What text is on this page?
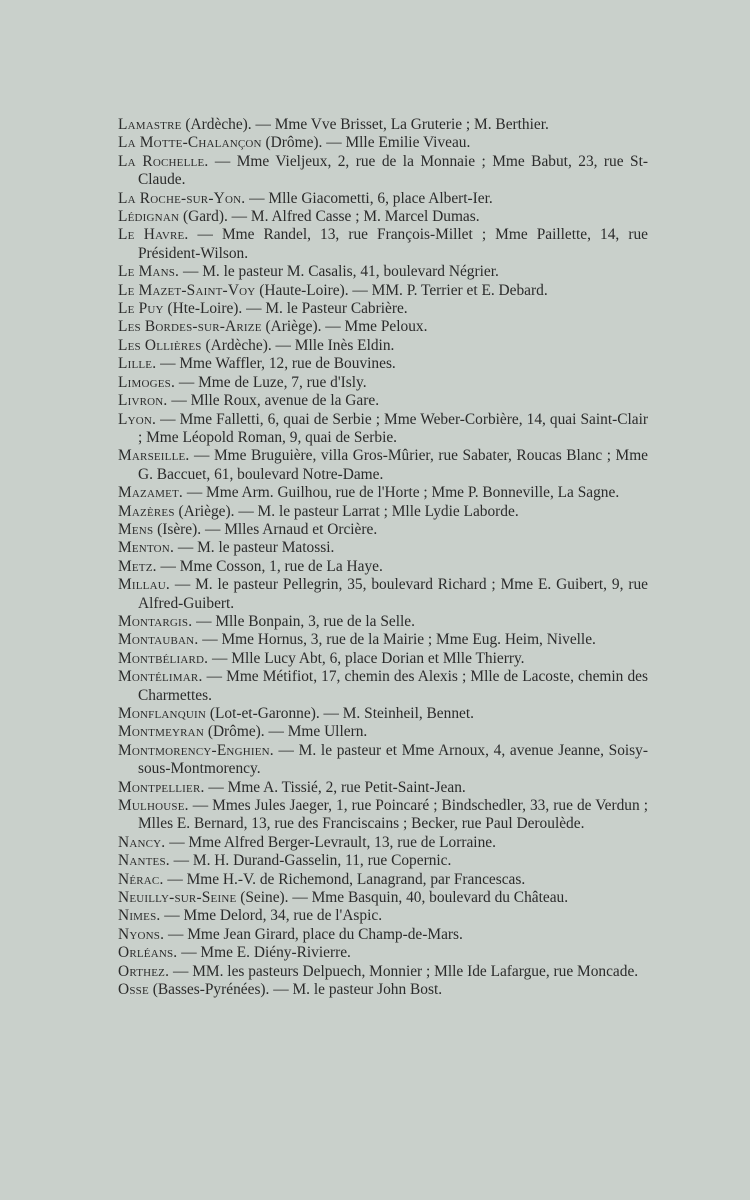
Lamastre (Ardèche). — Mme Vve Brisset, La Gruterie ; M. Berthier.

La Motte-Chalançon (Drôme). — Mlle Emilie Viveau.

La Rochelle. — Mme Vieljeux, 2, rue de la Monnaie ; Mme Babut, 23, rue St-Claude.

La Roche-sur-Yon. — Mlle Giacometti, 6, place Albert-Ier.

Lédignan (Gard). — M. Alfred Casse ; M. Marcel Dumas.

Le Havre. — Mme Randel, 13, rue François-Millet ; Mme Paillette, 14, rue Président-Wilson.

Le Mans. — M. le pasteur M. Casalis, 41, boulevard Négrier.

Le Mazet-Saint-Voy (Haute-Loire). — MM. P. Terrier et E. Debard.

Le Puy (Hte-Loire). — M. le Pasteur Cabrière.

Les Bordes-sur-Arize (Ariège). — Mme Peloux.

Les Ollières (Ardèche). — Mlle Inès Eldin.

Lille. — Mme Waffler, 12, rue de Bouvines.

Limoges. — Mme de Luze, 7, rue d'Isly.

Livron. — Mlle Roux, avenue de la Gare.

Lyon. — Mme Falletti, 6, quai de Serbie ; Mme Weber-Corbière, 14, quai Saint-Clair ; Mme Léopold Roman, 9, quai de Serbie.

Marseille. — Mme Bruguière, villa Gros-Mûrier, rue Sabater, Roucas Blanc ; Mme G. Baccuet, 61, boulevard Notre-Dame.

Mazamet. — Mme Arm. Guilhou, rue de l'Horte ; Mme P. Bonneville, La Sagne.

Mazères (Ariège). — M. le pasteur Larrat ; Mlle Lydie Laborde.

Mens (Isère). — Mlles Arnaud et Orcière.

Menton. — M. le pasteur Matossi.

Metz. — Mme Cosson, 1, rue de La Haye.

Millau. — M. le pasteur Pellegrin, 35, boulevard Richard ; Mme E. Guibert, 9, rue Alfred-Guibert.

Montargis. — Mlle Bonpain, 3, rue de la Selle.

Montauban. — Mme Hornus, 3, rue de la Mairie ; Mme Eug. Heim, Nivelle.

Montbéliard. — Mlle Lucy Abt, 6, place Dorian et Mlle Thierry.

Montélimar. — Mme Métifiot, 17, chemin des Alexis ; Mlle de Lacoste, chemin des Charmettes.

Monflanquin (Lot-et-Garonne). — M. Steinheil, Bennet.

Montmeyran (Drôme). — Mme Ullern.

Montmorency-Enghien. — M. le pasteur et Mme Arnoux, 4, avenue Jeanne, Soisy-sous-Montmorency.

Montpellier. — Mme A. Tissié, 2, rue Petit-Saint-Jean.

Mulhouse. — Mmes Jules Jaeger, 1, rue Poincaré ; Bindschedler, 33, rue de Verdun ; Mlles E. Bernard, 13, rue des Franciscains ; Becker, rue Paul Deroulède.

Nancy. — Mme Alfred Berger-Levrault, 13, rue de Lorraine.

Nantes. — M. H. Durand-Gasselin, 11, rue Copernic.

Nérac. — Mme H.-V. de Richemond, Lanagrand, par Francescas.

Neuilly-sur-Seine (Seine). — Mme Basquin, 40, boulevard du Château.

Nimes. — Mme Delord, 34, rue de l'Aspic.

Nyons. — Mme Jean Girard, place du Champ-de-Mars.

Orléans. — Mme E. Diény-Rivierre.

Orthez. — MM. les pasteurs Delpuech, Monnier ; Mlle Ide Lafargue, rue Moncade.

Osse (Basses-Pyrénées). — M. le pasteur John Bost.
